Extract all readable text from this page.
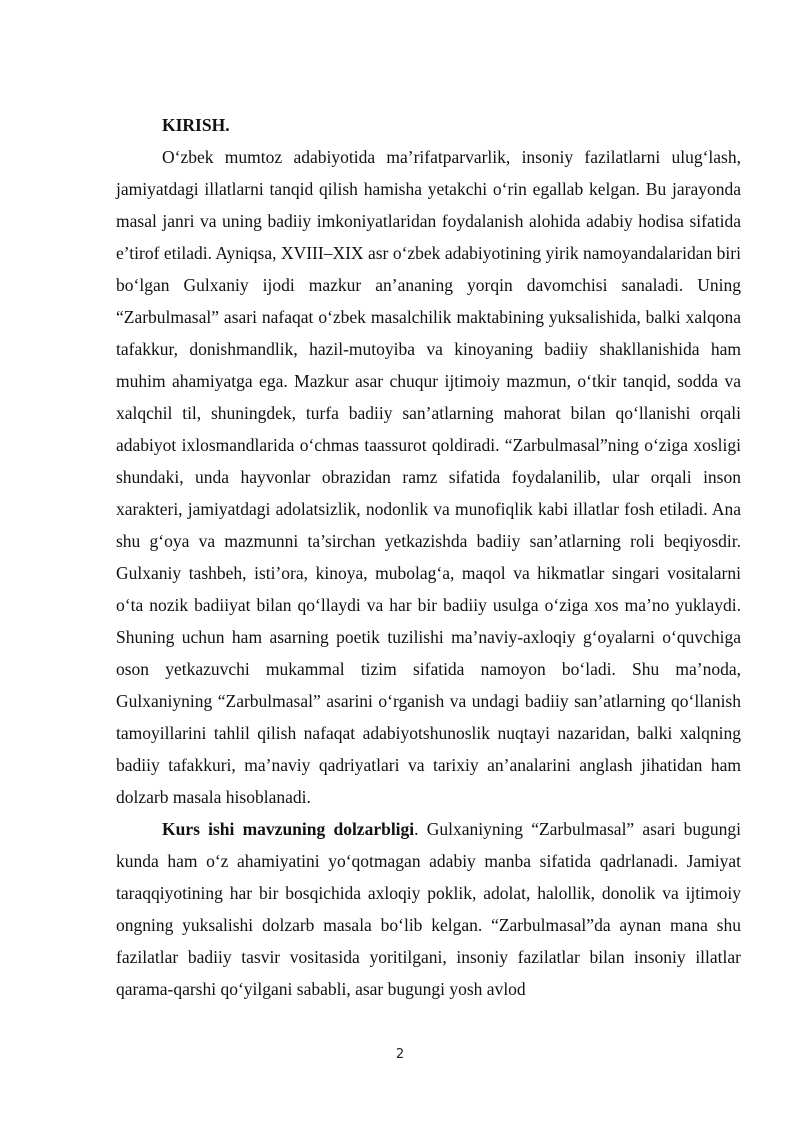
KIRISH.

O‘zbek mumtoz adabiyotida ma’rifatparvarlik, insoniy fazilatlarni ulug‘lash, jamiyatdagi illatlarni tanqid qilish hamisha yetakchi o‘rin egallab kelgan. Bu jarayonda masal janri va uning badiiy imkoniyatlaridan foydalanish alohida adabiy hodisa sifatida e’tirof etiladi. Ayniqsa, XVIII–XIX asr o‘zbek adabiyotining yirik namoyandalaridan biri bo‘lgan Gulxaniy ijodi mazkur an’ananing yorqin davomchisi sanaladi. Uning “Zarbulmasal” asari nafaqat o‘zbek masalchilik maktabining yuksalishida, balki xalqona tafakkur, donishmandlik, hazil-mutoyiba va kinoyaning badiiy shakllanishida ham muhim ahamiyatga ega. Mazkur asar chuqur ijtimoiy mazmun, o‘tkir tanqid, sodda va xalqchil til, shuningdek, turfa badiiy san’atlarning mahorat bilan qo‘llanishi orqali adabiyot ixlosmandlarida o‘chmas taassurot qoldiradi. “Zarbulmasal”ning o‘ziga xosligi shundaki, unda hayvonlar obrazidan ramz sifatida foydalanilib, ular orqali inson xarakteri, jamiyatdagi adolatsizlik, nodonlik va munofiqlik kabi illatlar fosh etiladi. Ana shu g‘oya va mazmunni ta’sirchan yetkazishda badiiy san’atlarning roli beqiyosdir. Gulxaniy tashbeh, isti’ora, kinoya, mubolag‘a, maqol va hikmatlar singari vositalarni o‘ta nozik badiiyat bilan qo‘llaydi va har bir badiiy usulga o‘ziga xos ma’no yuklaydi. Shuning uchun ham asarning poetik tuzilishi ma’naviy-axloqiy g‘oyalarni o‘quvchiga oson yetkazuvchi mukammal tizim sifatida namoyon bo‘ladi. Shu ma’noda, Gulxaniyning “Zarbulmasal” asarini o‘rganish va undagi badiiy san’atlarning qo‘llanish tamoyillarini tahlil qilish nafaqat adabiyotshunoslik nuqtayi nazaridan, balki xalqning badiiy tafakkuri, ma’naviy qadriyatlari va tarixiy an’analarini anglash jihatidan ham dolzarb masala hisoblanadi.

Kurs ishi mavzuning dolzarbligi. Gulxaniyning “Zarbulmasal” asari bugungi kunda ham o‘z ahamiyatini yo‘qotmagan adabiy manba sifatida qadrlanadi. Jamiyat taraqqiyotining har bir bosqichida axloqiy poklik, adolat, halollik, donolik va ijtimoiy ongning yuksalishi dolzarb masala bo‘lib kelgan. “Zarbulmasal”da aynan mana shu fazilatlar badiiy tasvir vositasida yoritilgani, insoniy fazilatlar bilan insoniy illatlar qarama-qarshi qo‘yilgani sababli, asar bugungi yosh avlod

2
